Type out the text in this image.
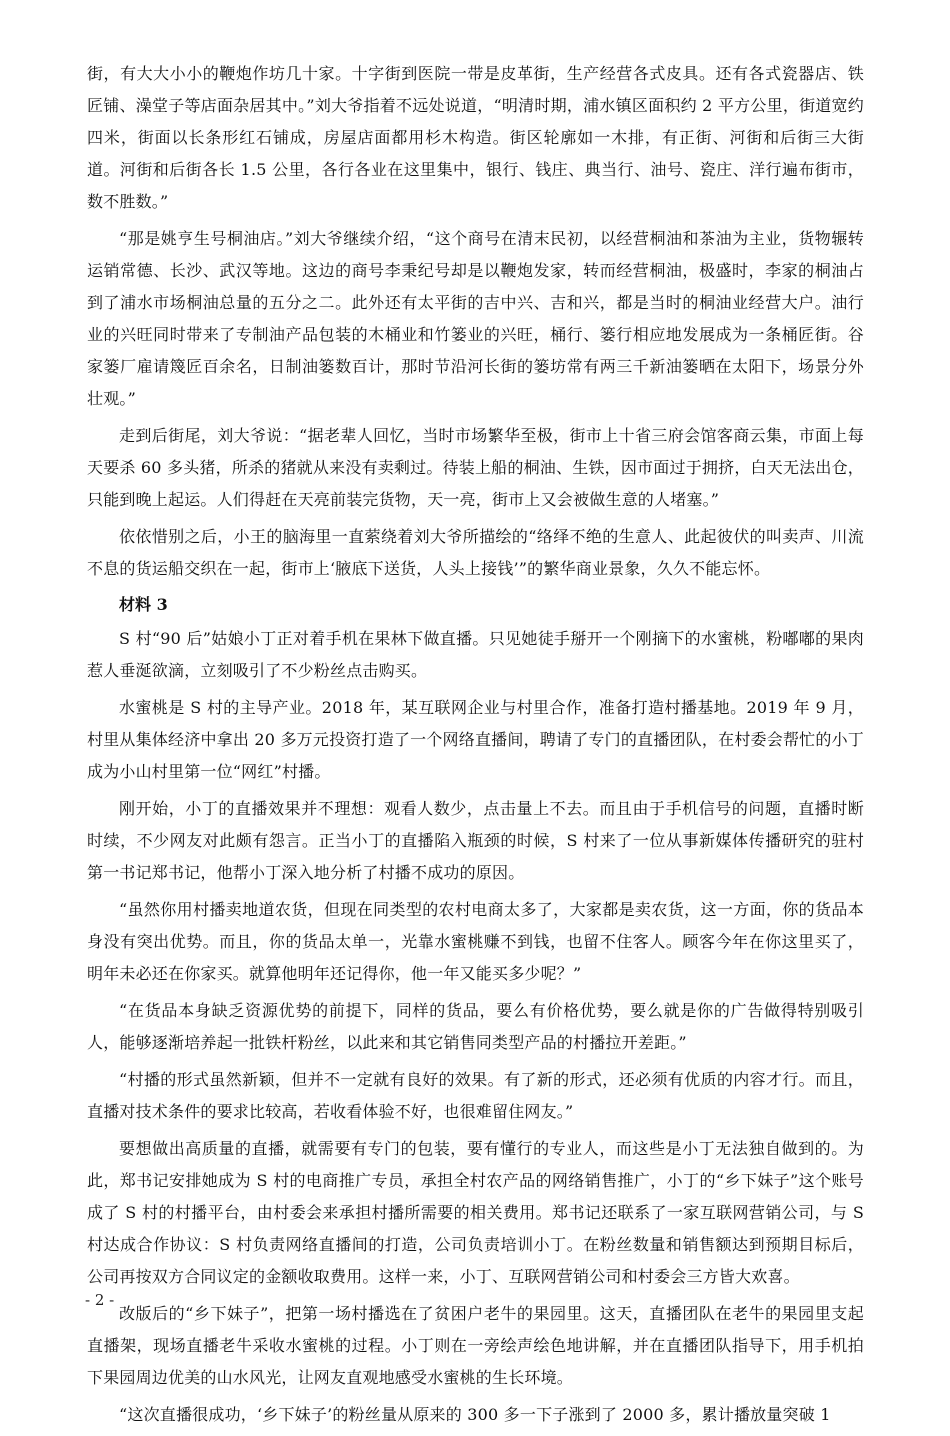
街，有大大小小的鞭炮作坊几十家。十字街到医院一带是皮革街，生产经营各式皮具。还有各式瓷器店、铁匠铺、澡堂子等店面杂居其中。”刘大爷指着不远处说道，“明清时期，浦水镇区面积约 2 平方公里，街道宽约四米，街面以长条形红石铺成，房屋店面都用杉木构造。街区轮廓如一木排，有正街、河街和后街三大街道。河街和后街各长 1.5 公里，各行各业在这里集中，银行、钱庄、典当行、油号、瓷庄、洋行遍布街市，数不胜数。”

“那是姚亨生号桐油店。”刘大爷继续介绍，“这个商号在清末民初，以经营桐油和茶油为主业，货物辗转运销常德、长沙、武汉等地。这边的商号李秉纪号却是以鞭炮发家，转而经营桐油，极盛时，李家的桐油占到了浦水市场桐油总量的五分之二。此外还有太平街的吉中兴、吉和兴，都是当时的桐油业经营大户。油行业的兴旺同时带来了专制油产品包装的木桶业和竹篓业的兴旺，桶行、篓行相应地发展成为一条桶匠街。谷家篓厂雇请篾匠百余名，日制油篓数百计，那时节沿河长街的篓坊常有两三千新油篓晒在太阳下，场景分外壮观。”

走到后街尾，刘大爷说：“据老辈人回忆，当时市场繁华至极，街市上十省三府会馆客商云集，市面上每天要杀 60 多头猪，所杀的猪就从来没有卖剩过。待装上船的桐油、生铁，因市面过于拥挤，白天无法出仓，只能到晚上起运。人们得赶在天亮前装完货物，天一亮，街市上又会被做生意的人堵塞。”

依依惜别之后，小王的脑海里一直萦绕着刘大爷所描绘的“络绎不绝的生意人、此起彼伏的叫卖声、川流不息的货运船交织在一起，街市上‘腋底下送货，人头上接钱’”的繁华商业景象，久久不能忘怀。

材料 3

S 村“90 后”姑娘小丁正对着手机在果林下做直播。只见她徒手掰开一个刚摘下的水蜜桃，粉嘟嘟的果肉惹人垂涎欲滴，立刻吸引了不少粉丝点击购买。

水蜜桃是 S 村的主导产业。2018 年，某互联网企业与村里合作，准备打造村播基地。2019 年 9 月，村里从集体经济中拿出 20 多万元投资打造了一个网络直播间，聘请了专门的直播团队，在村委会帮忙的小丁成为小山村里第一位“网红”村播。

刚开始，小丁的直播效果并不理想：观看人数少，点击量上不去。而且由于手机信号的问题，直播时断时续，不少网友对此颇有怨言。正当小丁的直播陷入瓶颈的时候，S 村来了一位从事新媒体传播研究的驻村第一书记郑书记，他帮小丁深入地分析了村播不成功的原因。

“虽然你用村播卖地道农货，但现在同类型的农村电商太多了，大家都是卖农货，这一方面，你的货品本身没有突出优势。而且，你的货品太单一，光靠水蜜桃赚不到钱，也留不住客人。顾客今年在你这里买了，明年未必还在你家买。就算他明年还记得你，他一年又能买多少呢？”

“在货品本身缺乏资源优势的前提下，同样的货品，要么有价格优势，要么就是你的广告做得特别吸引人，能够逐渐培养起一批铁杆粉丝，以此来和其它销售同类型产品的村播拉开差距。”

“村播的形式虽然新颖，但并不一定就有良好的效果。有了新的形式，还必须有优质的内容才行。而且，直播对技术条件的要求比较高，若收看体验不好，也很难留住网友。”

要想做出高质量的直播，就需要有专门的包装，要有懂行的专业人，而这些是小丁无法独自做到的。为此，郑书记安排她成为 S 村的电商推广专员，承担全村农产品的网络销售推广，小丁的“乡下妹子”这个账号成了 S 村的村播平台，由村委会来承担村播所需要的相关费用。郑书记还联系了一家互联网营销公司，与 S 村达成合作协议：S 村负责网络直播间的打造，公司负责培训小丁。在粉丝数量和销售额达到预期目标后，公司再按双方合同议定的金额收取费用。这样一来，小丁、互联网营销公司和村委会三方皆大欢喜。

改版后的“乡下妹子”，把第一场村播选在了贫困户老牛的果园里。这天，直播团队在老牛的果园里支起直播架，现场直播老牛采收水蜜桃的过程。小丁则在一旁绘声绘色地讲解，并在直播团队指导下，用手机拍下果园周边优美的山水风光，让网友直观地感受水蜜桃的生长环境。

“这次直播很成功，‘乡下妹子’的粉丝量从原来的 300 多一下子涨到了 2000 多，累计播放量突破 1

- 2 -
